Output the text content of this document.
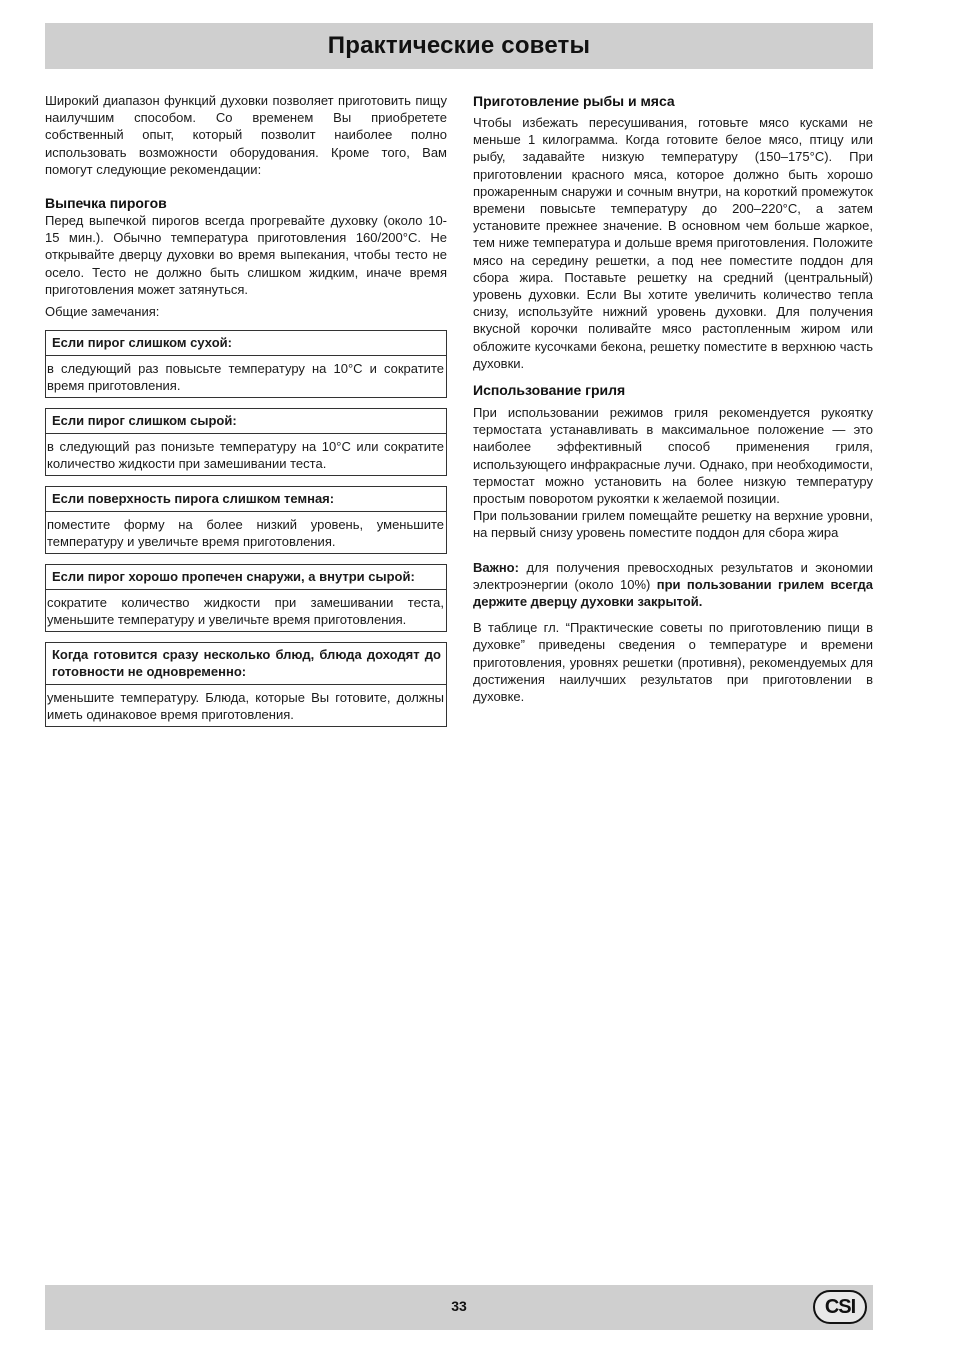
Практические советы

Широкий диапазон функций духовки позволяет приготовить пищу наилучшим способом. Со временем Вы приобретете собственный опыт, который позволит наиболее полно использовать возможности оборудования. Кроме того, Вам помогут следующие рекомендации:

Выпечка пирогов

Перед выпечкой пирогов всегда прогревайте духовку (около 10-15 мин.). Обычно температура приготовления 160/200°С. Не открывайте дверцу духовки во время выпекания, чтобы тесто не осело. Тесто не должно быть слишком жидким, иначе время приготовления может затянуться.

Общие замечания:

Если пирог слишком сухой:
в следующий раз повысьте температуру на 10°С и сократите время приготовления.
Если пирог слишком сырой:
в следующий раз понизьте температуру на 10°С или сократите количество жидкости при замешивании теста.
Если поверхность пирога слишком темная:
поместите форму на более низкий уровень, уменьшите температуру и увеличьте время приготовления.
Если пирог хорошо пропечен снаружи, а внутри сырой:
сократите количество жидкости при замешивании теста, уменьшите температуру и увеличьте время приготовления.
Когда готовится сразу несколько блюд, блюда доходят до готовности не одновременно:
уменьшите температуру. Блюда, которые Вы готовите, должны иметь одинаковое время приготовления.
Приготовление рыбы и мяса

Чтобы избежать пересушивания, готовьте мясо кусками не меньше 1 килограмма. Когда готовите белое мясо, птицу или рыбу, задавайте низкую температуру (150–175°С). При приготовлении красного мяса, которое должно быть хорошо прожаренным снаружи и сочным внутри, на короткий промежуток времени повысьте температуру до 200–220°С, а затем установите прежнее значение. В основном чем больше жаркое, тем ниже температура и дольше время приготовления. Положите мясо на середину решетки, а под нее поместите поддон для сбора жира. Поставьте решетку на средний (центральный) уровень духовки. Если Вы хотите увеличить количество тепла снизу, используйте нижний уровень духовки. Для получения вкусной корочки поливайте мясо растопленным жиром или обложите кусочками бекона, решетку поместите в верхнюю часть духовки.

Использование гриля

При использовании режимов гриля рекомендуется рукоятку термостата устанавливать в максимальное положение — это наиболее эффективный способ применения гриля, использующего инфракрасные лучи. Однако, при необходимости, термостат можно установить на более низкую температуру простым поворотом рукоятки к желаемой позиции.

При пользовании грилем помещайте решетку на верхние уровни, на первый снизу уровень поместите поддон для сбора жира

Важно: для получения превосходных результатов и экономии электроэнергии (около 10%) при пользовании грилем всегда держите дверцу духовки закрытой.

В таблице гл. “Практические советы по приготовлению пищи в духовке” приведены сведения о температуре и времени приготовления, уровнях решетки (противня), рекомендуемых для достижения наилучших результатов при приготовлении в духовке.

33	CSI
